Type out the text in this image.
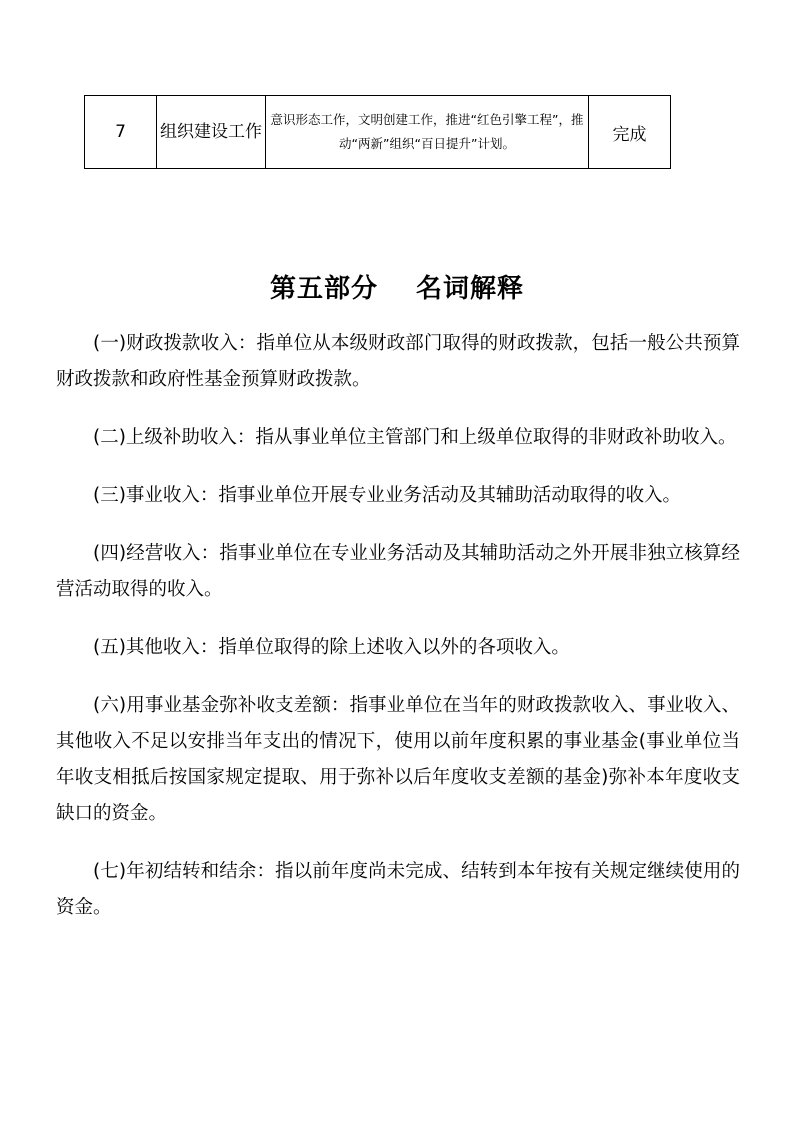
7	组织建设工作	意识形态工作，文明创建工作，推进“红色引擎工程”，推动“两新”组织“百日提升”计划。	完成
第五部分 名词解释

(一)财政拨款收入：指单位从本级财政部门取得的财政拨款，包括一般公共预算财政拨款和政府性基金预算财政拨款。

(二)上级补助收入：指从事业单位主管部门和上级单位取得的非财政补助收入。

(三)事业收入：指事业单位开展专业业务活动及其辅助活动取得的收入。

(四)经营收入：指事业单位在专业业务活动及其辅助活动之外开展非独立核算经营活动取得的收入。

(五)其他收入：指单位取得的除上述收入以外的各项收入。

(六)用事业基金弥补收支差额：指事业单位在当年的财政拨款收入、事业收入、其他收入不足以安排当年支出的情况下，使用以前年度积累的事业基金(事业单位当年收支相抵后按国家规定提取、用于弥补以后年度收支差额的基金)弥补本年度收支缺口的资金。

(七)年初结转和结余：指以前年度尚未完成、结转到本年按有关规定继续使用的资金。
